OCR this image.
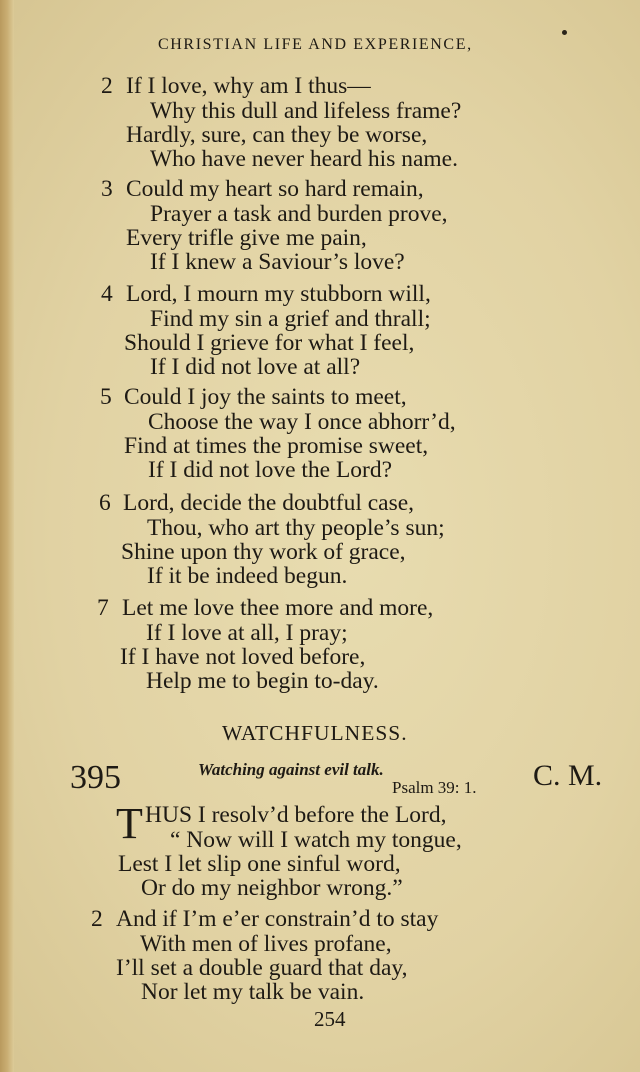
CHRISTIAN LIFE AND EXPERIENCE,
2 If I love, why am I thus—
Why this dull and lifeless frame?
Hardly, sure, can they be worse,
Who have never heard his name.
3 Could my heart so hard remain,
Prayer a task and burden prove,
Every trifle give me pain,
If I knew a Saviour’s love?
4 Lord, I mourn my stubborn will,
Find my sin a grief and thrall;
Should I grieve for what I feel,
If I did not love at all?
5 Could I joy the saints to meet,
Choose the way I once abhorr’d,
Find at times the promise sweet,
If I did not love the Lord?
6 Lord, decide the doubtful case,
Thou, who art thy people’s sun;
Shine upon thy work of grace,
If it be indeed begun.
7 Let me love thee more and more,
If I love at all, I pray;
If I have not loved before,
Help me to begin to-day.
WATCHFULNESS.
395	Watching against evil talk.
Psalm 39: 1. C. M.
T HUS I resolv’d before the Lord,
“ Now will I watch my tongue,
Lest I let slip one sinful word,
Or do my neighbor wrong.”
2 And if I’m e’er constrain’d to stay
With men of lives profane,
I’ll set a double guard that day,
Nor let my talk be vain.
254
